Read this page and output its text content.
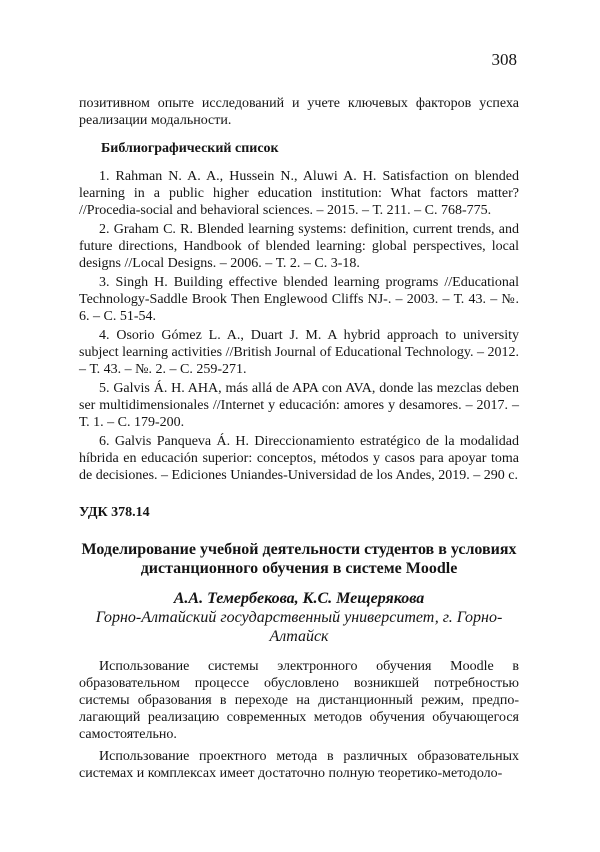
308

позитивном опыте исследований и учете ключевых факторов успеха реализации модальности.

Библиографический список

1. Rahman N. A. A., Hussein N., Aluwi A. H. Satisfaction on blended learning in a public higher education institution: What factors matter? //Procedia-social and behavioral sciences. – 2015. – Т. 211. – С. 768-775.

2. Graham C. R. Blended learning systems: definition, current trends, and future directions, Handbook of blended learning: global perspectives, local designs //Local Designs. – 2006. – Т. 2. – С. 3-18.

3. Singh H. Building effective blended learning programs //Educational Technology-Saddle Brook Then Englewood Cliffs NJ-. – 2003. – Т. 43. – №. 6. – С. 51-54.

4. Osorio Gómez L. A., Duart J. M. A hybrid approach to university subject learning activities //British Journal of Educational Technology. – 2012. – Т. 43. – №. 2. – С. 259-271.

5. Galvis Á. H. AHA, más allá de APA con AVA, donde las mezclas deben ser multidimensionales //Internet y educación: amores y desamores. – 2017. – Т. 1. – С. 179-200.

6. Galvis Panqueva Á. H. Direccionamiento estratégico de la modalidad híbrida en educación superior: conceptos, métodos y casos para apoyar toma de decisiones. – Ediciones Uniandes-Universidad de los Andes, 2019. – 290 с.

УДК 378.14
Моделирование учебной деятельности студентов в условиях дистанционного обучения в системе Moodle
А.А. Темербекова, К.С. Мещерякова
Горно-Алтайский государственный университет, г. Горно-Алтайск

Использование системы электронного обучения Moodle в образовательном процессе обусловлено возникшей потребностью системы образования в переходе на дистанционный режим, предпо­лагающий реализацию современных методов обучения обучающегося самостоятельно.

Использование проектного метода в различных образовательных системах и комплексах имеет достаточно полную теоретико-методоло-
